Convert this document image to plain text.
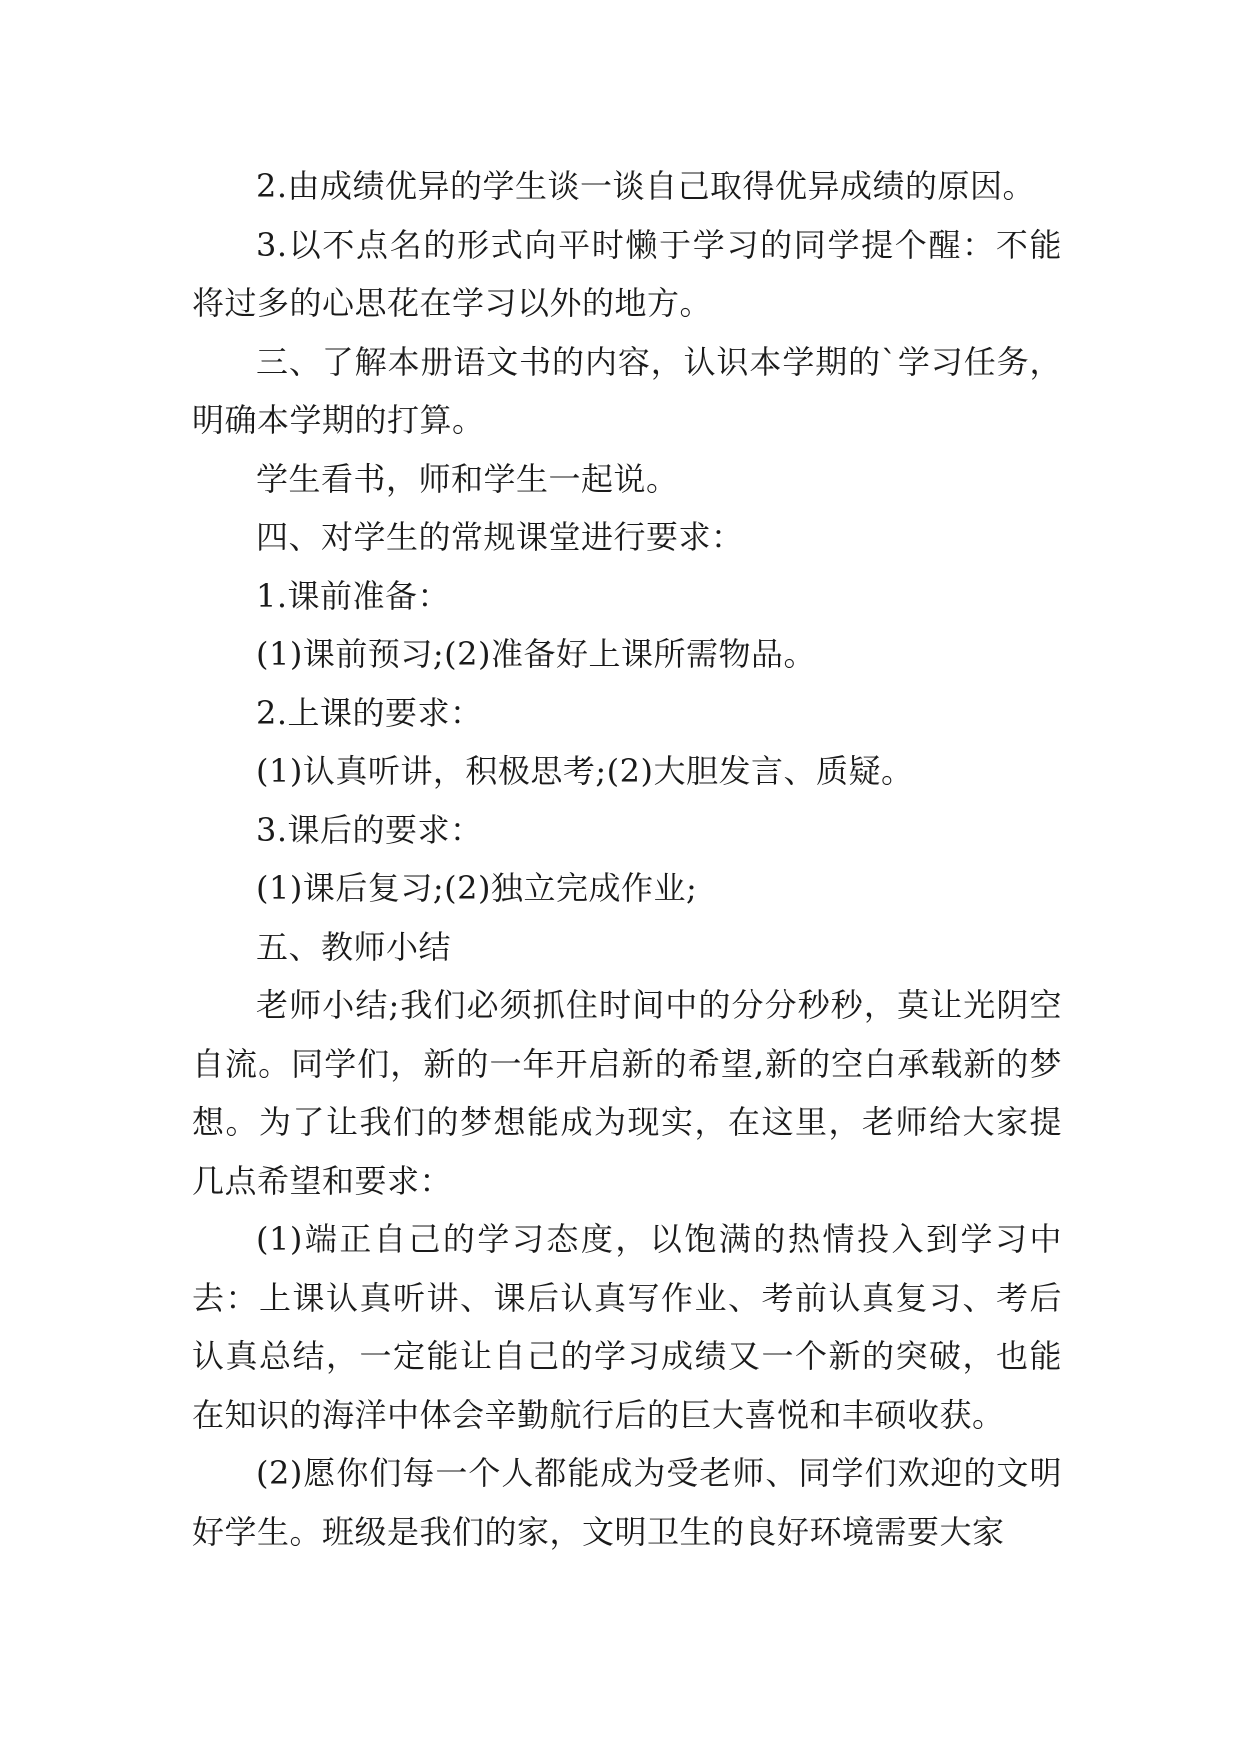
2.由成绩优异的学生谈一谈自己取得优异成绩的原因。

3.以不点名的形式向平时懒于学习的同学提个醒：不能将过多的心思花在学习以外的地方。

三、了解本册语文书的内容，认识本学期的`学习任务，明确本学期的打算。

学生看书，师和学生一起说。

四、对学生的常规课堂进行要求：

1.课前准备：

(1)课前预习;(2)准备好上课所需物品。

2.上课的要求：

(1)认真听讲，积极思考;(2)大胆发言、质疑。

3.课后的要求：

(1)课后复习;(2)独立完成作业;

五、教师小结

老师小结;我们必须抓住时间中的分分秒秒，莫让光阴空自流。同学们，新的一年开启新的希望,新的空白承载新的梦想。为了让我们的梦想能成为现实，在这里，老师给大家提几点希望和要求：

(1)端正自己的学习态度，以饱满的热情投入到学习中去：上课认真听讲、课后认真写作业、考前认真复习、考后认真总结，一定能让自己的学习成绩又一个新的突破，也能在知识的海洋中体会辛勤航行后的巨大喜悦和丰硕收获。

(2)愿你们每一个人都能成为受老师、同学们欢迎的文明好学生。班级是我们的家，文明卫生的良好环境需要大家
